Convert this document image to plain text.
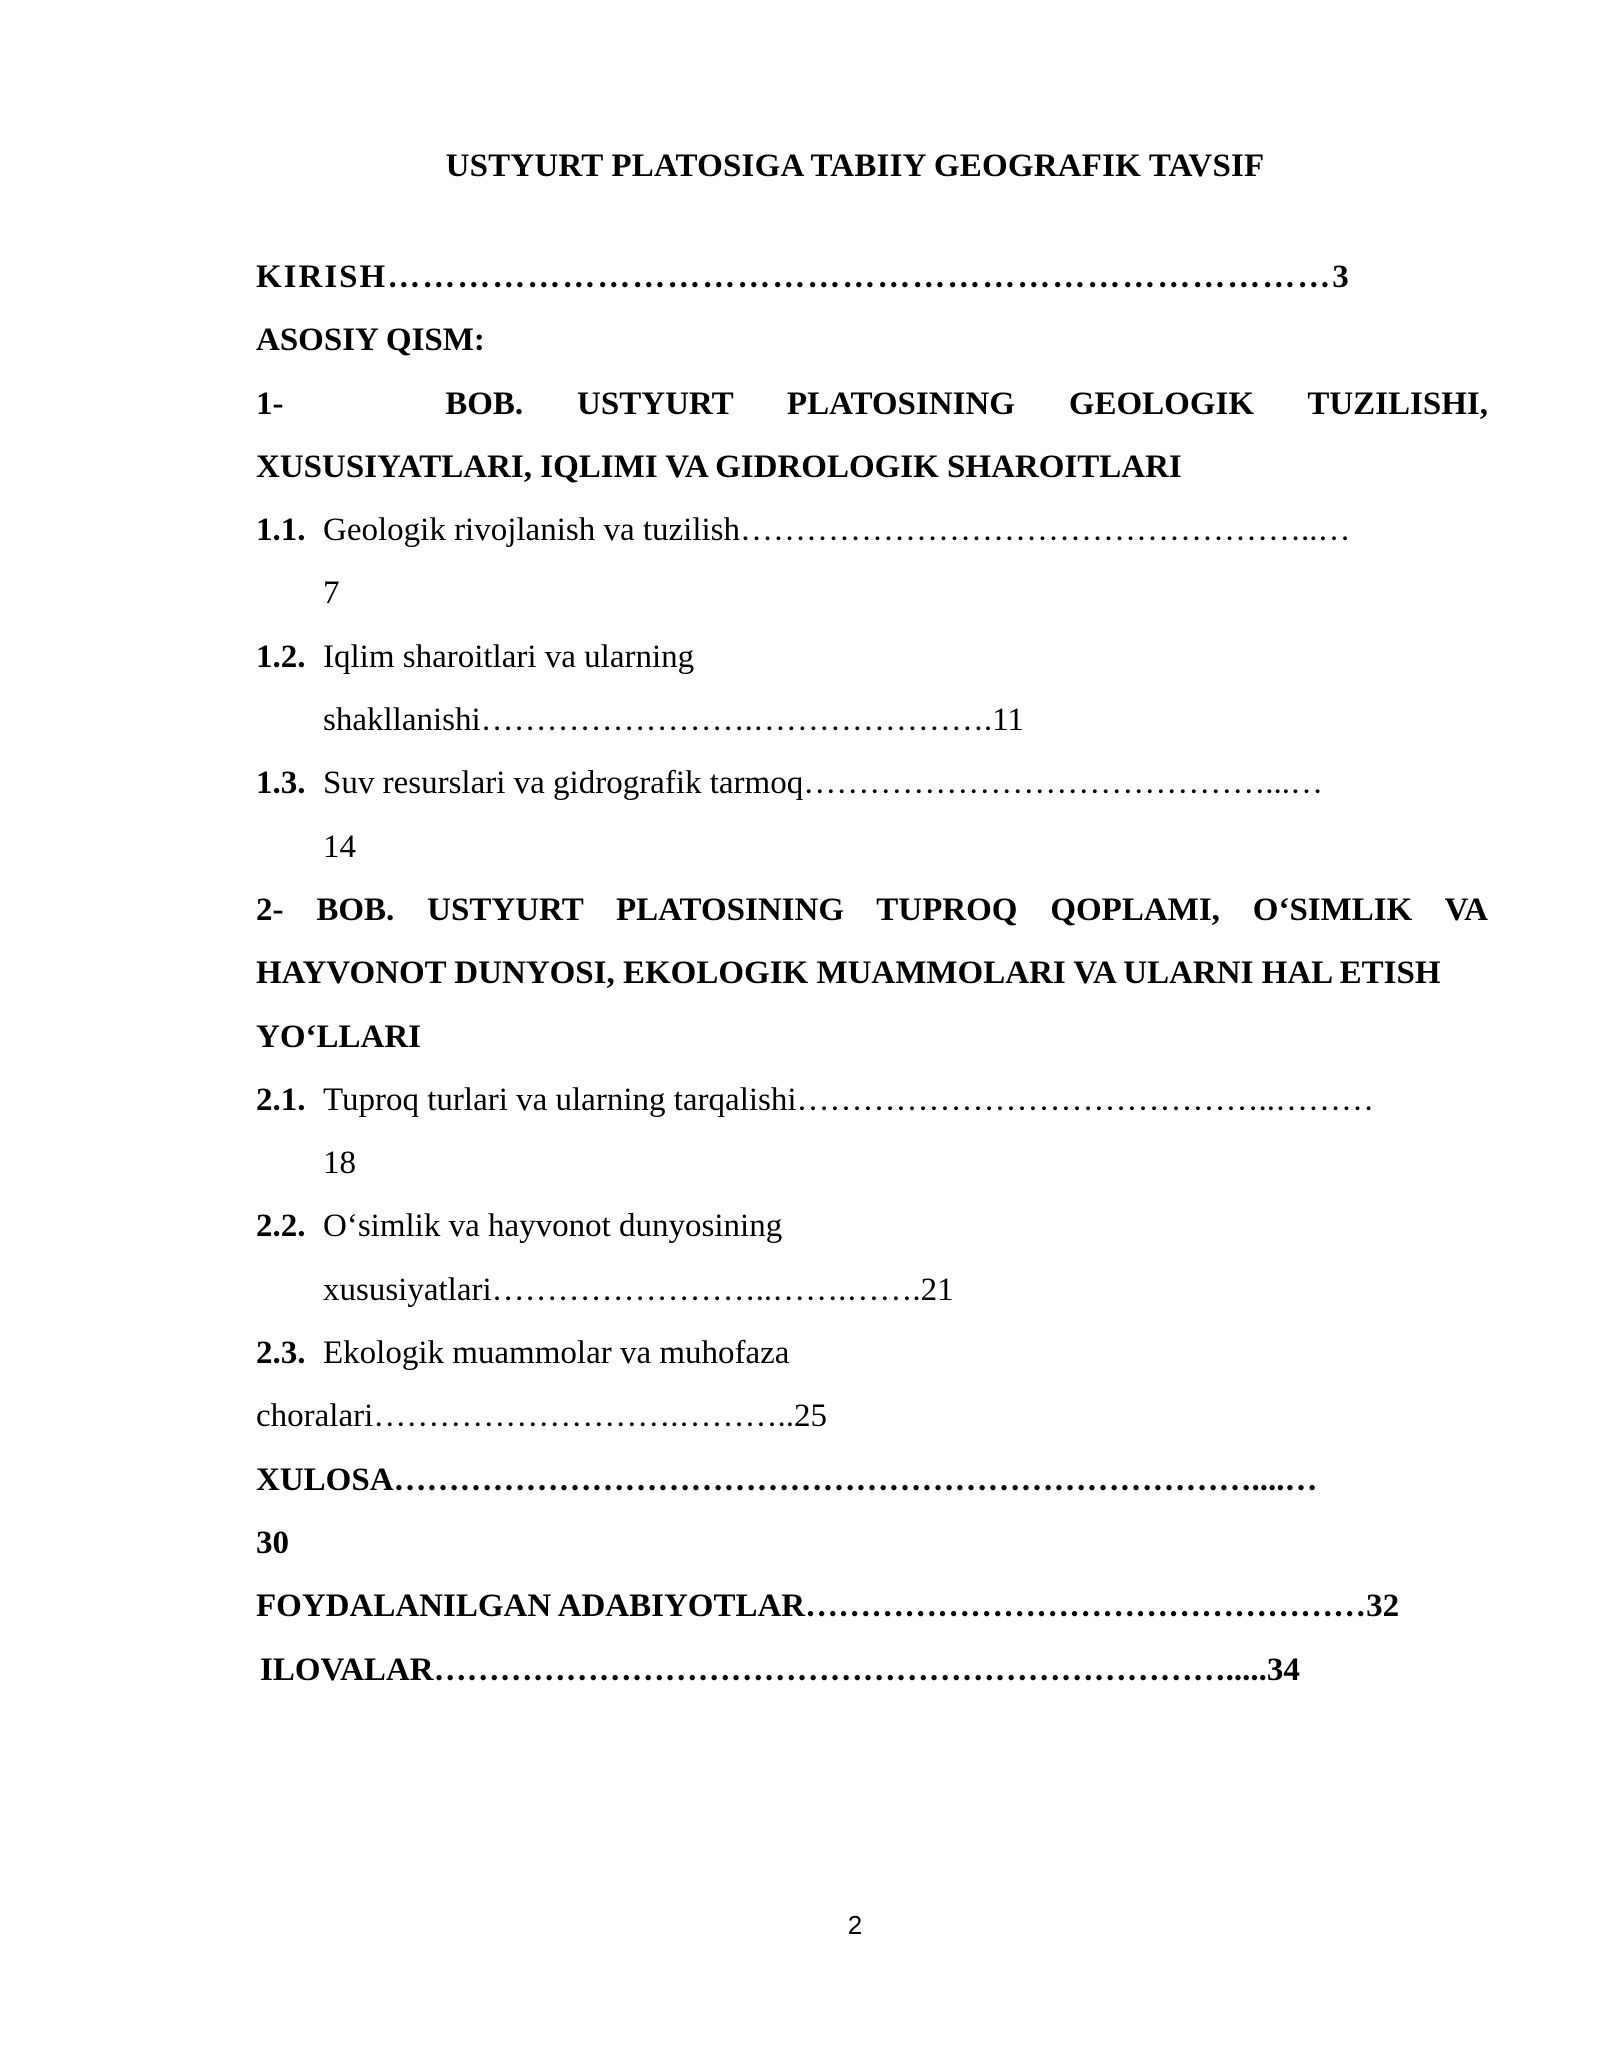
USTYURT PLATOSIGA TABIIY GEOGRAFIK TAVSIF
KIRISH………………………………………………………………………3
ASOSIY QISM:
1-   BOB. USTYURT PLATOSINING GEOLOGIK TUZILISHI,
XUSUSIYATLARI, IQLIMI VA GIDROLOGIK SHAROITLARI
1.1. Geologik rivojlanish va tuzilish……………………………………………..…
7
1.2. Iqlim sharoitlari va ularning
shakllanishi…………………….………………….11
1.3. Suv resurslari va gidrografik tarmoq……………………………………...…
14
2- BOB. USTYURT PLATOSINING TUPROQ QOPLAMI, O‘SIMLIK VA
HAYVONOT DUNYOSI, EKOLOGIK MUAMMOLARI VA ULARNI HAL ETISH
YO‘LLARI
2.1. Tuproq turlari va ularning tarqalishi……………………………………..………
18
2.2. O‘simlik va hayvonot dunyosining
xususiyatlari……………………..…….…….21
2.3. Ekologik muammolar va muhofaza
choralari……………………….………..25
XULOSA……………………………………………………………………....…
30
FOYDALANILGAN ADABIYOTLAR……………………………………………32
ILOVALAR……………………………………………………………….....34
2
